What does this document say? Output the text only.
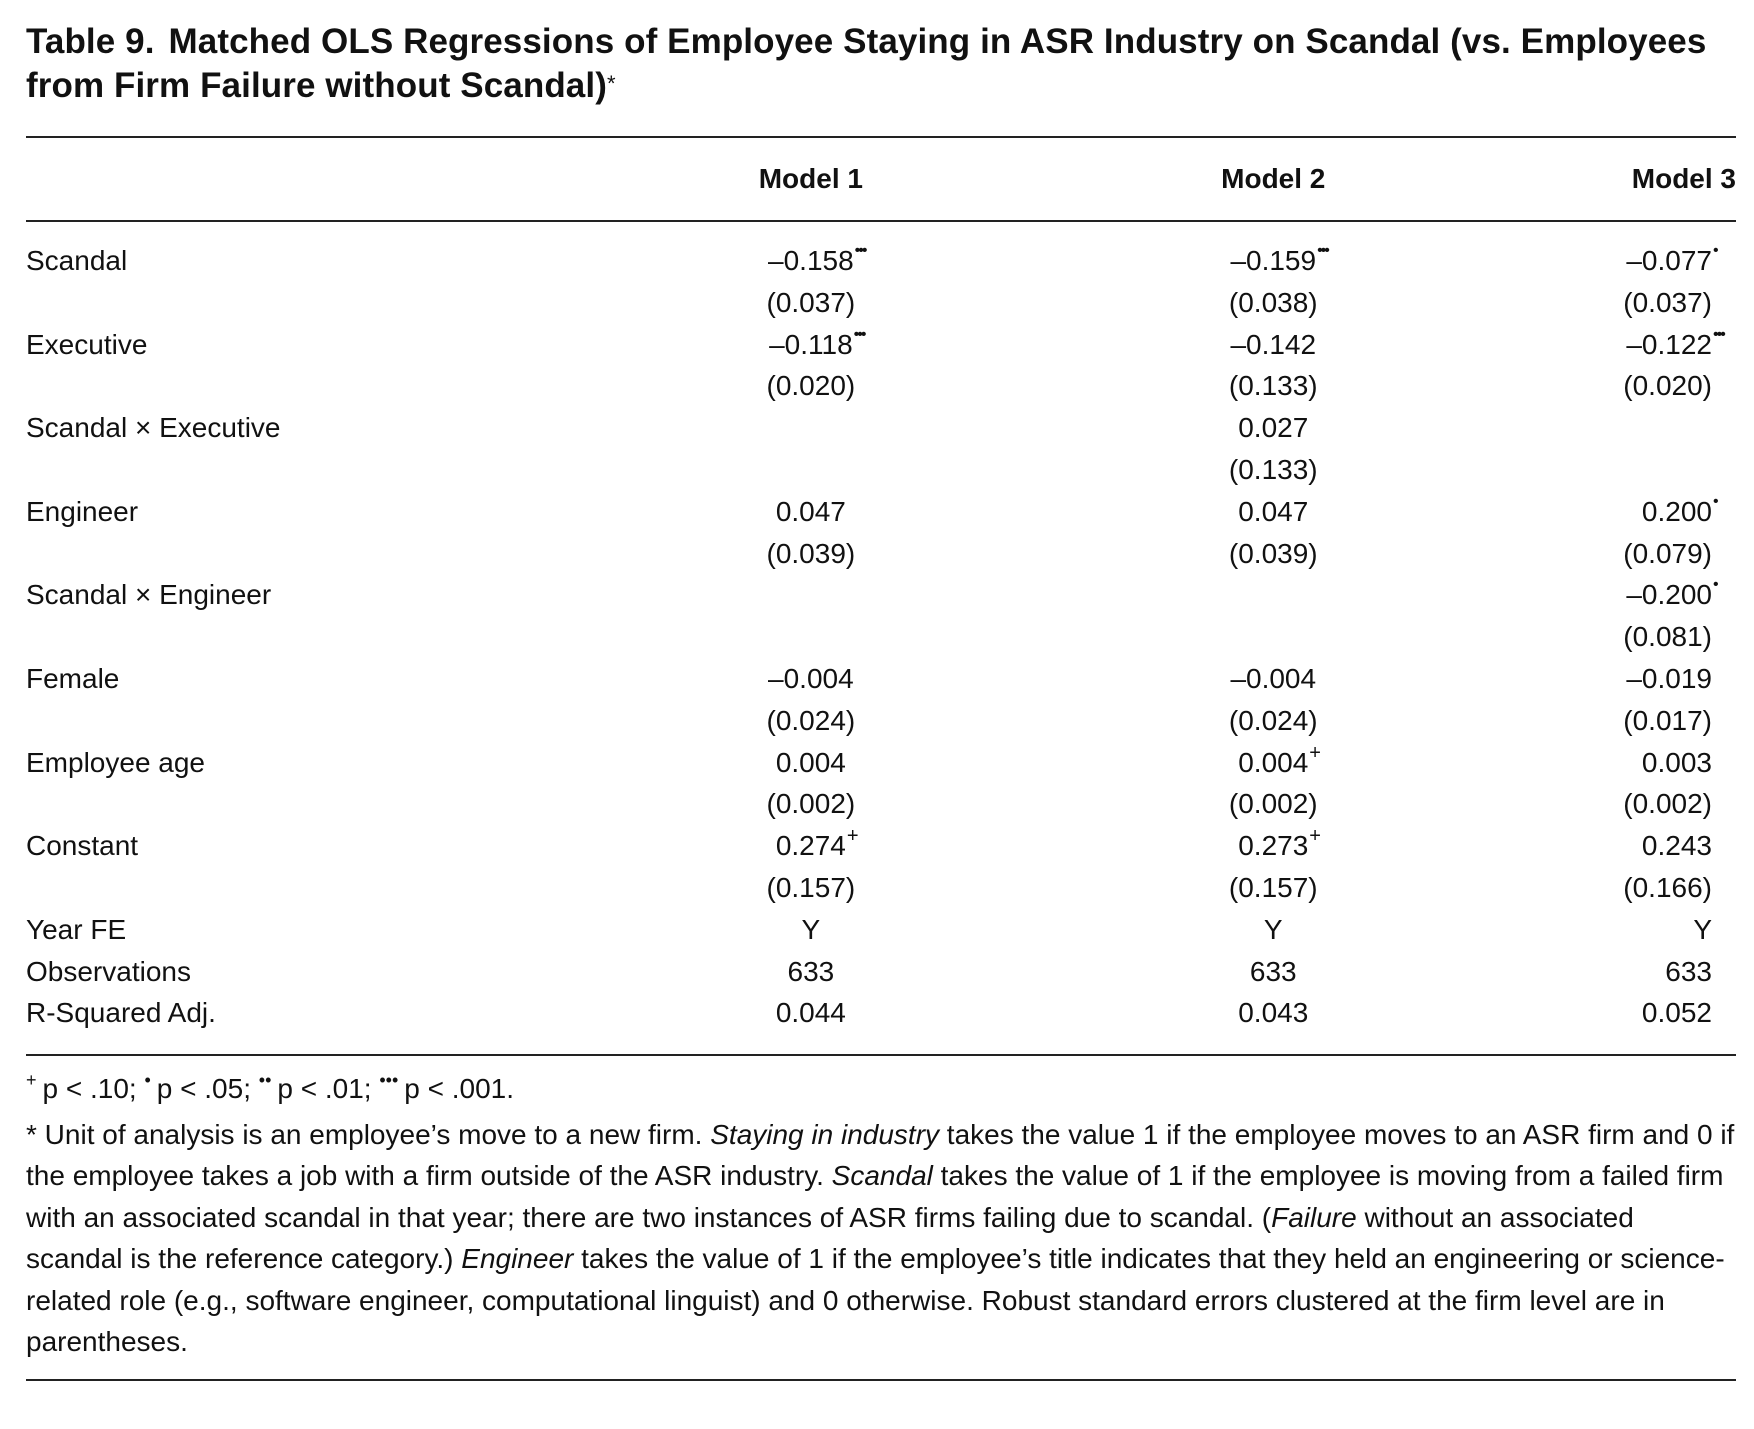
Table 9. Matched OLS Regressions of Employee Staying in ASR Industry on Scandal (vs. Employees from Firm Failure without Scandal)*
	Model 1	Model 2	Model 3
Scandal	–0.158 •••	–0.159 •••	–0.077 •

	(0.037)	(0.038)	(0.037)
Executive	–0.118 •••	–0.142	–0.122 •••

	(0.020)	(0.133)	(0.020)
Scandal × Executive		0.027	
		(0.133)	
Engineer	0.047	0.047	0.200 •

	(0.039)	(0.039)	(0.079)
Scandal × Engineer			–0.200 •

			(0.081)
Female	–0.004	–0.004	–0.019
	(0.024)	(0.024)	(0.017)
Employee age	0.004	0.004 +	0.003
	(0.002)	(0.002)	(0.002)
Constant	0.274 +	0.273 +	0.243
	(0.157)	(0.157)	(0.166)
Year FE	Y	Y	Y
Observations	633	633	633
R-Squared Adj.	0.044	0.043	0.052

+ p < .10; • p < .05; •• p < .01; ••• p < .001.

* Unit of analysis is an employee’s move to a new firm. Staying in industry takes the value 1 if the employee moves to an ASR firm and 0 if the employee takes a job with a firm outside of the ASR industry. Scandal takes the value of 1 if the employee is moving from a failed firm with an associated scandal in that year; there are two instances of ASR firms failing due to scandal. (Failure without an associated scandal is the reference category.) Engineer takes the value of 1 if the employee’s title indicates that they held an engineering or science-related role (e.g., software engineer, computational linguist) and 0 otherwise. Robust standard errors clustered at the firm level are in parentheses.
